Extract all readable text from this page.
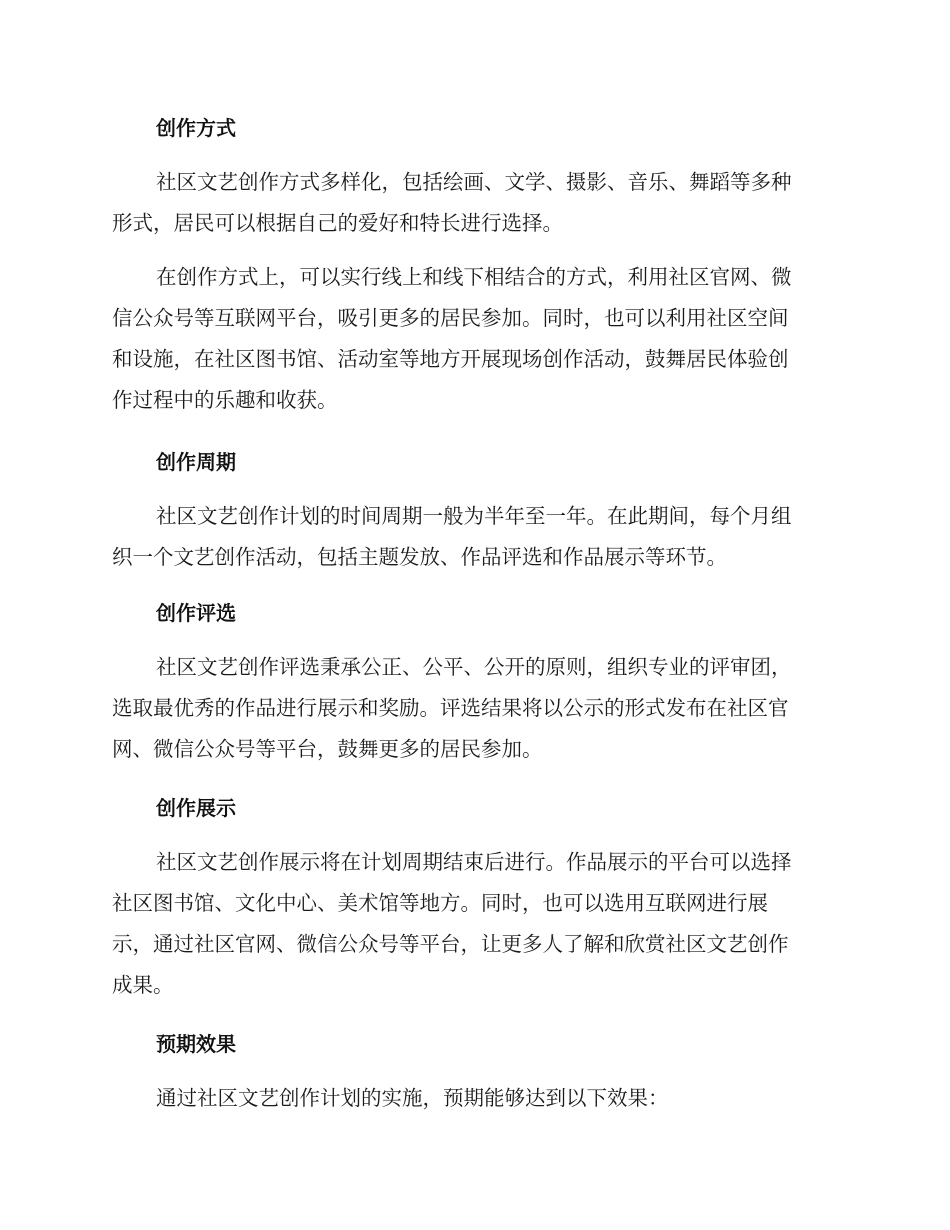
创作方式
社区文艺创作方式多样化，包括绘画、文学、摄影、音乐、舞蹈等多种
形式，居民可以根据自己的爱好和特长进行选择。
在创作方式上，可以实行线上和线下相结合的方式，利用社区官网、微
信公众号等互联网平台，吸引更多的居民参加。同时，也可以利用社区空间
和设施，在社区图书馆、活动室等地方开展现场创作活动，鼓舞居民体验创
作过程中的乐趣和收获。
创作周期
社区文艺创作计划的时间周期一般为半年至一年。在此期间，每个月组
织一个文艺创作活动，包括主题发放、作品评选和作品展示等环节。
创作评选
社区文艺创作评选秉承公正、公平、公开的原则，组织专业的评审团，
选取最优秀的作品进行展示和奖励。评选结果将以公示的形式发布在社区官
网、微信公众号等平台，鼓舞更多的居民参加。
创作展示
社区文艺创作展示将在计划周期结束后进行。作品展示的平台可以选择
社区图书馆、文化中心、美术馆等地方。同时，也可以选用互联网进行展
示，通过社区官网、微信公众号等平台，让更多人了解和欣赏社区文艺创作
成果。
预期效果
通过社区文艺创作计划的实施，预期能够达到以下效果：
